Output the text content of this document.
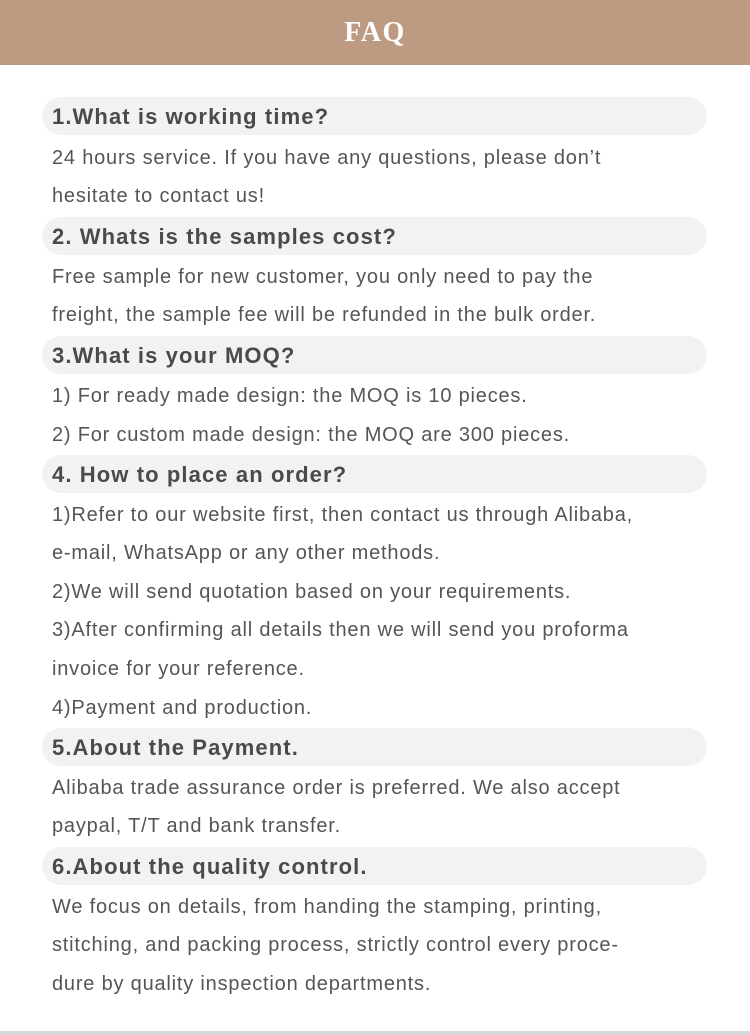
FAQ
1.What is working time?
24 hours service. If you have any questions, please don’t
hesitate to contact us!
2. Whats is the samples cost?
Free sample for new customer, you only need to pay the
freight, the sample fee will be refunded in the bulk order.
3.What is your MOQ?
1) For ready made design: the MOQ is 10 pieces.
2) For custom made design: the MOQ are 300 pieces.
4. How to place an order?
1)Refer to our website first, then contact us through Alibaba,
e-mail, WhatsApp or any other methods.
2)We will send quotation based on your requirements.
3)After confirming all details then we will send you proforma
invoice for your reference.
4)Payment and production.
5.About the Payment.
Alibaba trade assurance order is preferred. We also accept
paypal, T/T and bank transfer.
6.About the quality control.
We focus on details, from handing the stamping, printing,
stitching, and packing process, strictly control every proce-
dure by quality inspection departments.
